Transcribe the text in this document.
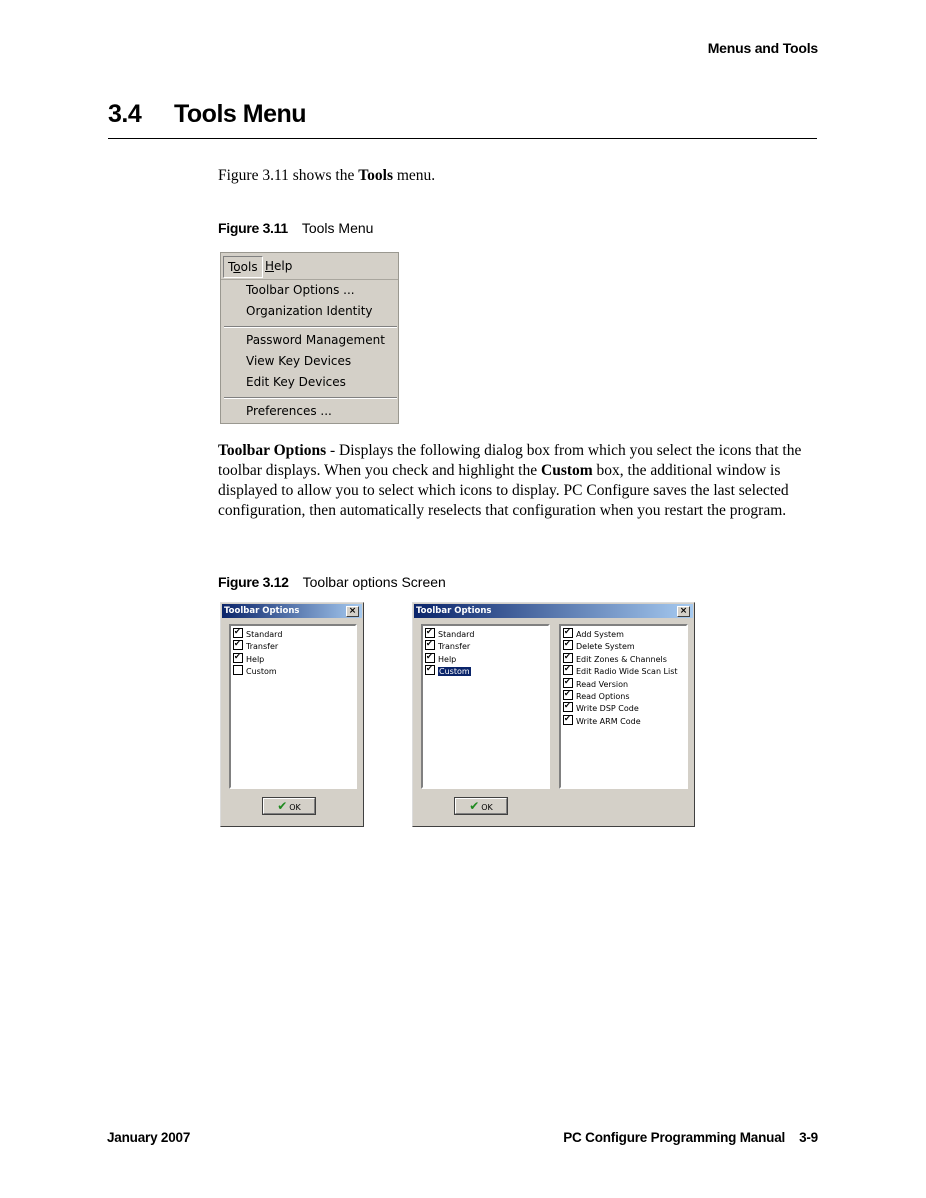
Menus and Tools
3.4 Tools Menu
Figure 3.11 shows the Tools menu.
Figure 3.11 Tools Menu
Tools Help
Toolbar Options ...
Organization Identity
Password Management
View Key Devices
Edit Key Devices
Preferences ...
Toolbar Options - Displays the following dialog box from which you select the icons that the toolbar displays. When you check and highlight the Custom box, the additional window is displayed to allow you to select which icons to display. PC Configure saves the last selected configuration, then automatically reselects that configuration when you restart the program.
Figure 3.12 Toolbar options Screen
Toolbar Options	×
✔Standard
✔Transfer
✔Help
Custom
✔ OK
Toolbar Options	×
✔Standard
✔Transfer
✔Help
✔Custom
✔Add System
✔Delete System
✔Edit Zones & Channels
✔Edit Radio Wide Scan List
✔Read Version
✔Read Options
✔Write DSP Code
✔Write ARM Code
✔ OK
January 2007	PC Configure Programming Manual 3-9
